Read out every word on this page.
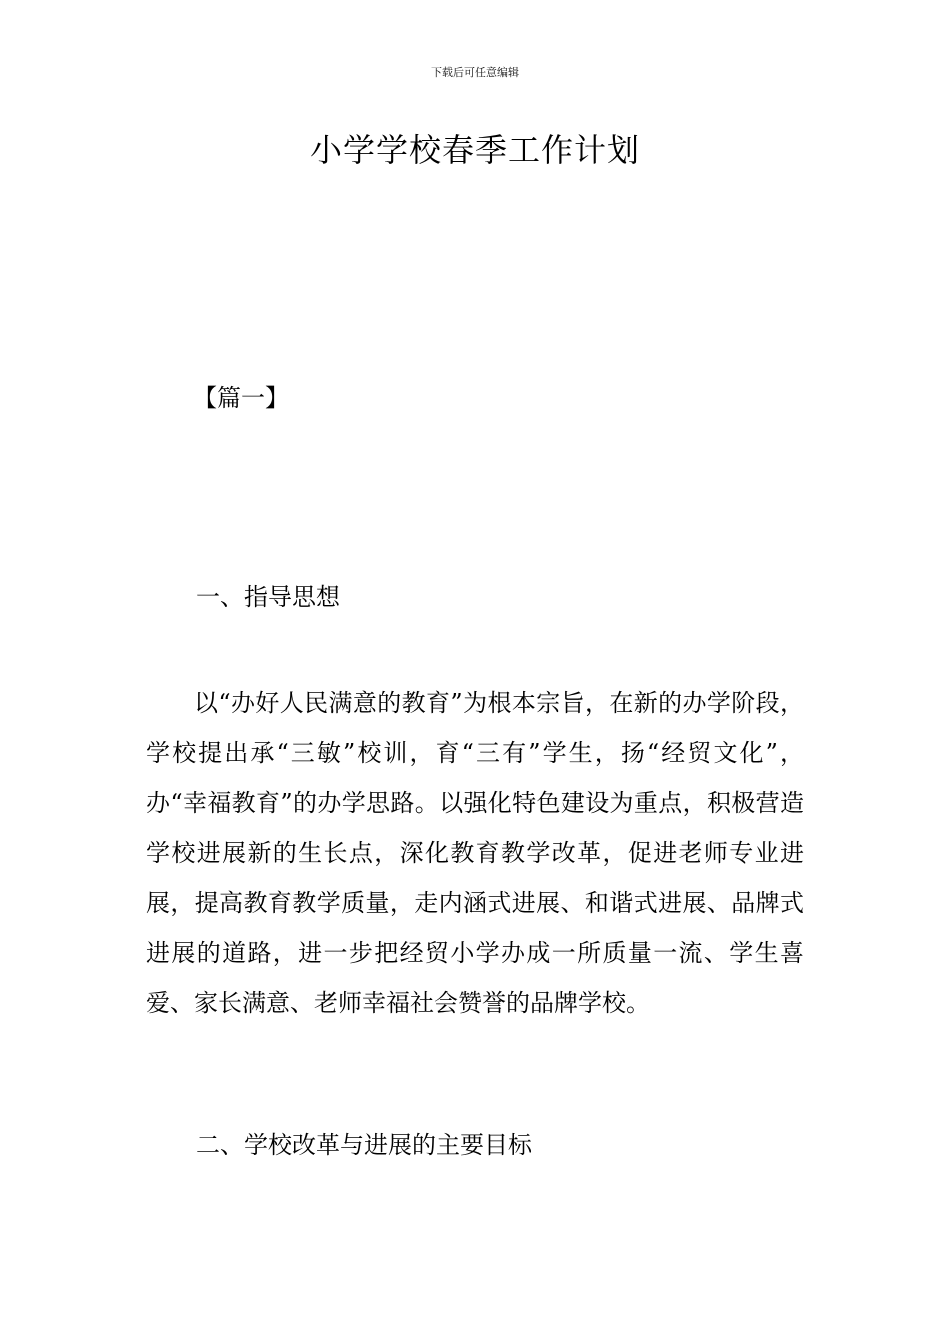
下载后可任意编辑
小学学校春季工作计划
【篇一】
一、指导思想

以“办好人民满意的教育”为根本宗旨，在新的办学阶段，学校提出承“三敏”校训，育“三有”学生，扬“经贸文化”，办“幸福教育”的办学思路。以强化特色建设为重点，积极营造学校进展新的生长点，深化教育教学改革，促进老师专业进展，提高教育教学质量，走内涵式进展、和谐式进展、品牌式进展的道路，进一步把经贸小学办成一所质量一流、学生喜爱、家长满意、老师幸福社会赞誉的品牌学校。

二、学校改革与进展的主要目标
